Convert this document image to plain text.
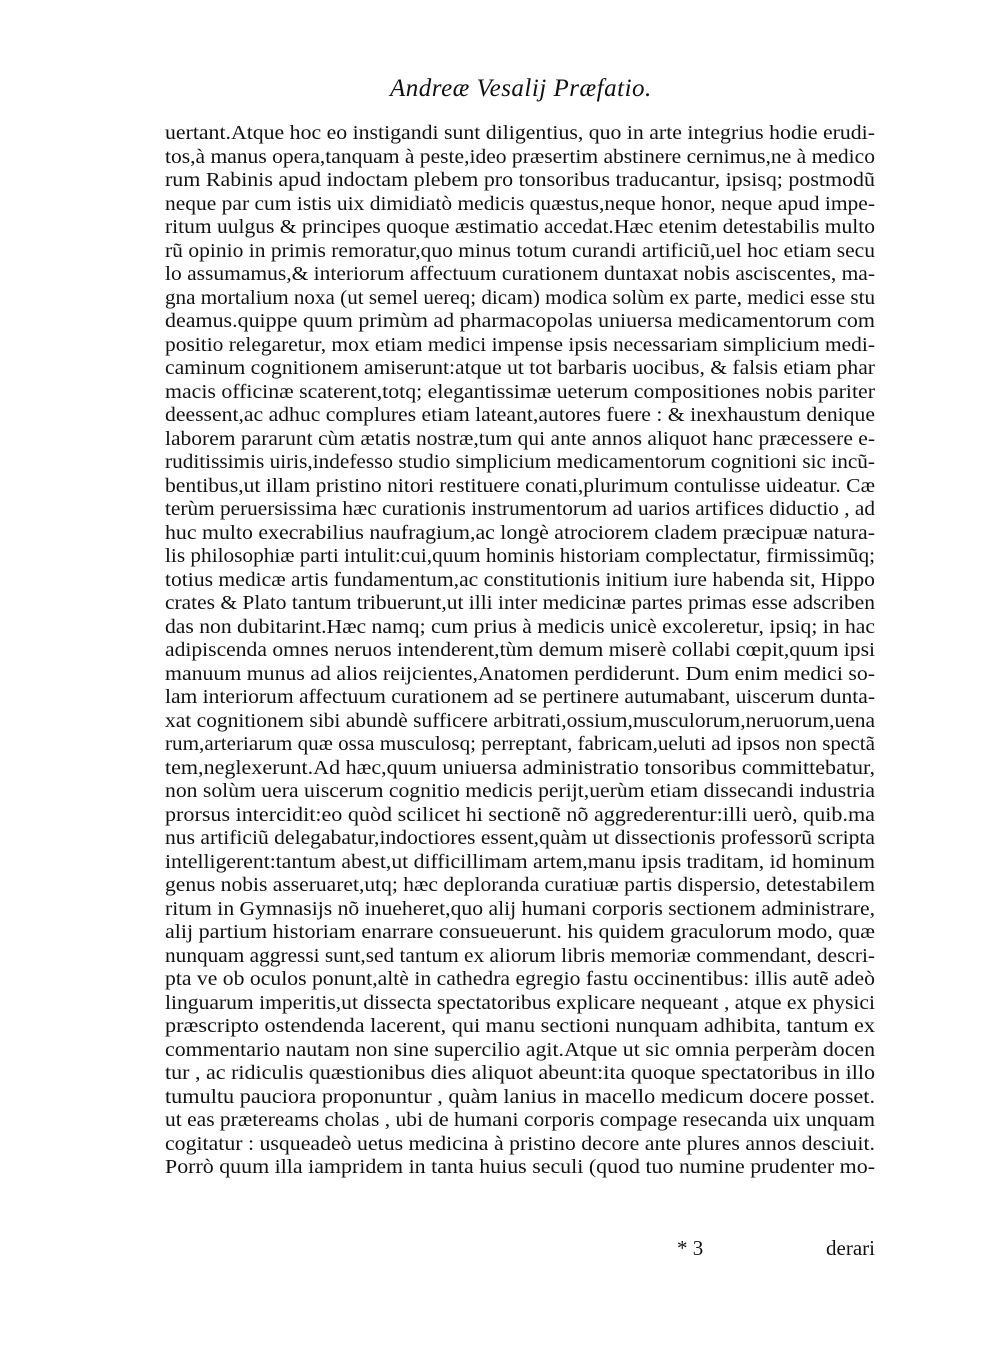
Andreæ Vesalij Præfatio.
uertant.Atque hoc eo instigandi sunt diligentius, quo in arte integrius hodie erudi-
tos,à manus opera,tanquam à peste,ideo præsertim abstinere cernimus,ne à medico
rum Rabinis apud indoctam plebem pro tonsoribus traducantur, ipsisq; postmodũ
neque par cum istis uix dimidiatò medicis quæstus,neque honor, neque apud impe-
ritum uulgus & principes quoque æstimatio accedat.Hæc etenim detestabilis multo
rũ opinio in primis remoratur,quo minus totum curandi artificiũ,uel hoc etiam secu
lo assumamus,& interiorum affectuum curationem duntaxat nobis asciscentes, ma-
gna mortalium noxa (ut semel uereq; dicam) modica solùm ex parte, medici esse stu
deamus.quippe quum primùm ad pharmacopolas uniuersa medicamentorum com
positio relegaretur, mox etiam medici impense ipsis necessariam simplicium medi-
caminum cognitionem amiserunt:atque ut tot barbaris uocibus, & falsis etiam phar
macis officinæ scaterent,totq; elegantissimæ ueterum compositiones nobis pariter
deessent,ac adhuc complures etiam lateant,autores fuere : & inexhaustum denique
laborem pararunt cùm ætatis nostræ,tum qui ante annos aliquot hanc præcessere e-
ruditissimis uiris,indefesso studio simplicium medicamentorum cognitioni sic incũ-
bentibus,ut illam pristino nitori restituere conati,plurimum contulisse uideatur. Cæ
terùm peruersissima hæc curationis instrumentorum ad uarios artifices diductio , ad
huc multo execrabilius naufragium,ac longè atrociorem cladem præcipuæ natura-
lis philosophiæ parti intulit:cui,quum hominis historiam complectatur, firmissimũq;
totius medicæ artis fundamentum,ac constitutionis initium iure habenda sit, Hippo
crates & Plato tantum tribuerunt,ut illi inter medicinæ partes primas esse adscriben
das non dubitarint.Hæc namq; cum prius à medicis unicè excoleretur, ipsiq; in hac
adipiscenda omnes neruos intenderent,tùm demum miserè collabi cœpit,quum ipsi
manuum munus ad alios reijcientes,Anatomen perdiderunt. Dum enim medici so-
lam interiorum affectuum curationem ad se pertinere autumabant, uiscerum dunta-
xat cognitionem sibi abundè sufficere arbitrati,ossium,musculorum,neruorum,uena
rum,arteriarum quæ ossa musculosq; perreptant, fabricam,ueluti ad ipsos non spectã
tem,neglexerunt.Ad hæc,quum uniuersa administratio tonsoribus committebatur,
non solùm uera uiscerum cognitio medicis perijt,uerùm etiam dissecandi industria
prorsus intercidit:eo quòd scilicet hi sectionẽ nõ aggrederentur:illi uerò, quib.ma
nus artificiũ delegabatur,indoctiores essent,quàm ut dissectionis professorũ scripta
intelligerent:tantum abest,ut difficillimam artem,manu ipsis traditam, id hominum
genus nobis asseruaret,utq; hæc deploranda curatiuæ partis dispersio, detestabilem
ritum in Gymnasijs nõ inueheret,quo alij humani corporis sectionem administrare,
alij partium historiam enarrare consueuerunt. his quidem graculorum modo, quæ
nunquam aggressi sunt,sed tantum ex aliorum libris memoriæ commendant, descri-
pta ve ob oculos ponunt,altè in cathedra egregio fastu occinentibus: illis autẽ adeò
linguarum imperitis,ut dissecta spectatoribus explicare nequeant , atque ex physici
præscripto ostendenda lacerent, qui manu sectioni nunquam adhibita, tantum ex
commentario nautam non sine supercilio agit.Atque ut sic omnia perperàm docen
tur , ac ridiculis quæstionibus dies aliquot abeunt:ita quoque spectatoribus in illo
tumultu pauciora proponuntur , quàm lanius in macello medicum docere posset.
ut eas prætereams cholas , ubi de humani corporis compage resecanda uix unquam
cogitatur : usqueadeò uetus medicina à pristino decore ante plures annos desciuit.
Porrò quum illa iampridem in tanta huius seculi (quod tuo numine prudenter mo-
* 3	derari
